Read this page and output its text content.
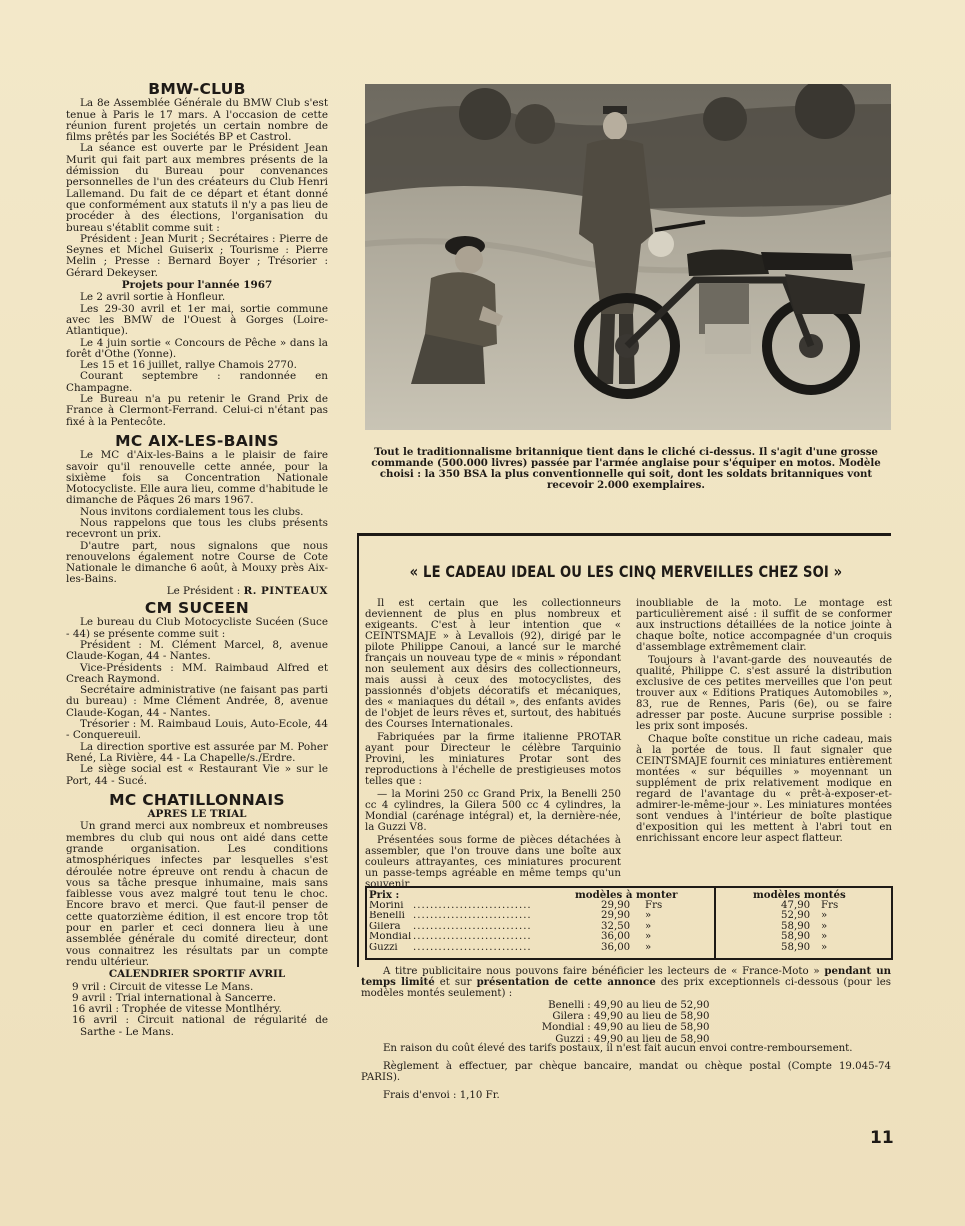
BMW-CLUB

La 8e Assemblée Générale du BMW Club s'est tenue à Paris le 17 mars. A l'occasion de cette réunion furent projetés un certain nombre de films prêtés par les Sociétés BP et Castrol.

La séance est ouverte par le Président Jean Murit qui fait part aux membres présents de la démission du Bureau pour convenances personnelles de l'un des créateurs du Club Henri Lallemand. Du fait de ce départ et étant donné que conformément aux statuts il n'y a pas lieu de procéder à des élections, l'organisation du bureau s'établit comme suit :

Président : Jean Murit ; Secrétaires : Pierre de Seynes et Michel Guiserix ; Tourisme : Pierre Melin ; Presse : Bernard Boyer ; Trésorier : Gérard Dekeyser.

Projets pour l'année 1967

Le 2 avril sortie à Honfleur.

Les 29-30 avril et 1er mai, sortie commune avec les BMW de l'Ouest à Gorges (Loire-Atlantique).

Le 4 juin sortie « Concours de Pêche » dans la forêt d'Othe (Yonne).

Les 15 et 16 juillet, rallye Chamois 2770.

Courant septembre : randonnée en Champagne.

Le Bureau n'a pu retenir le Grand Prix de France à Clermont-Ferrand. Celui-ci n'étant pas fixé à la Pentecôte.

MC AIX-LES-BAINS

Le MC d'Aix-les-Bains a le plaisir de faire savoir qu'il renouvelle cette année, pour la sixième fois sa Concentration Nationale Motocycliste. Elle aura lieu, comme d'habitude le dimanche de Pâques 26 mars 1967.

Nous invitons cordialement tous les clubs.

Nous rappelons que tous les clubs présents recevront un prix.

D'autre part, nous signalons que nous renouvelons également notre Course de Cote Nationale le dimanche 6 août, à Mouxy près Aix-les-Bains.

Le Président : R. PINTEAUX

CM SUCEEN

Le bureau du Club Motocycliste Sucéen (Suce - 44) se présente comme suit :

Président : M. Clément Marcel, 8, avenue Claude-Kogan, 44 - Nantes.

Vice-Présidents : MM. Raimbaud Alfred et Creach Raymond.

Secrétaire administrative (ne faisant pas parti du bureau) : Mme Clément Andrée, 8, avenue Claude-Kogan, 44 - Nantes.

Trésorier : M. Raimbaud Louis, Auto-Ecole, 44 - Conquereuil.

La direction sportive est assurée par M. Poher René, La Rivière, 44 - La Chapelle/s./Erdre.

Le siège social est « Restaurant Vie » sur le Port, 44 - Sucé.

MC CHATILLONNAIS
APRES LE TRIAL

Un grand merci aux nombreux et nombreuses membres du club qui nous ont aidé dans cette grande organisation. Les conditions atmosphériques infectes par lesquelles s'est déroulée notre épreuve ont rendu à chacun de vous sa tâche presque inhumaine, mais sans faiblesse vous avez malgré tout tenu le choc. Encore bravo et merci. Que faut-il penser de cette quatorzième édition, il est encore trop tôt pour en parler et ceci donnera lieu à une assemblée générale du comité directeur, dont vous connaitrez les résultats par un compte rendu ultérieur.

CALENDRIER SPORTIF AVRIL

9 vril : Circuit de vitesse Le Mans.

9 avril : Trial international à Sancerre.

16 avril : Trophée de vitesse Montlhéry.

16 avril : Circuit national de régularité de Sarthe - Le Mans.

Tout le traditionnalisme britannique tient dans le cliché ci-dessus. Il s'agit d'une grosse commande (500.000 livres) passée par l'armée anglaise pour s'équiper en motos. Modèle choisi : la 350 BSA la plus conventionnelle qui soit, dont les soldats britanniques vont recevoir 2.000 exemplaires.
« LE CADEAU IDEAL OU LES CINQ MERVEILLES CHEZ SOI »

Il est certain que les collectionneurs deviennent de plus en plus nombreux et exigeants. C'est à leur intention que « CEINTSMAJE » à Levallois (92), dirigé par le pilote Philippe Canoui, a lancé sur le marché français un nouveau type de « minis » répondant non seulement aux désirs des collectionneurs, mais aussi à ceux des motocyclistes, des passionnés d'objets décoratifs et mécaniques, des « maniaques du détail », des enfants avides de l'objet de leurs rêves et, surtout, des habitués des Courses Internationales.

Fabriquées par la firme italienne PROTAR ayant pour Directeur le célèbre Tarquinio Provini, les miniatures Protar sont des reproductions à l'échelle de prestigieuses motos telles que :

— la Morini 250 cc Grand Prix, la Benelli 250 cc 4 cylindres, la Gilera 500 cc 4 cylindres, la Mondial (carénage intégral) et, la dernière-née, la Guzzi V8.

Présentées sous forme de pièces détachées à assembler, que l'on trouve dans une boîte aux couleurs attrayantes, ces miniatures procurent un passe-temps agréable en même temps qu'un souvenir

inoubliable de la moto. Le montage est particulièrement aisé : il suffit de se conformer aux instructions détaillées de la notice jointe à chaque boîte, notice accompagnée d'un croquis d'assemblage extrêmement clair.

Toujours à l'avant-garde des nouveautés de qualité, Philippe C. s'est assuré la distribution exclusive de ces petites merveilles que l'on peut trouver aux « Editions Pratiques Automobiles », 83, rue de Rennes, Paris (6e), ou se faire adresser par poste. Aucune surprise possible : les prix sont imposés.

Chaque boîte constitue un riche cadeau, mais à la portée de tous. Il faut signaler que CEINTSMAJE fournit ces miniatures entièrement montées « sur béquilles » moyennant un supplément de prix relativement modique en regard de l'avantage du « prêt-à-exposer-et-admirer-le-même-jour ». Les miniatures montées sont vendues à l'intérieur de boîte plastique d'exposition qui les mettent à l'abri tout en enrichissant encore leur aspect flatteur.

Prix :	modèles à monter	modèles montés
Morini ............................	29,90 Frs	47,90 Frs
Benelli ............................	29,90 »	52,90 »
Gilera	............................	32,50 »	58,90 »
Mondial ............................	36,00 »	58,90 »
Guzzi	............................	36,00 »	58,90 »

A titre publicitaire nous pouvons faire bénéficier les lecteurs de « France-Moto » pendant un temps limité et sur présentation de cette annonce des prix exceptionnels ci-dessous (pour les modèles montés seulement) :

Benelli : 49,90 au lieu de 52,90
Gilera : 49,90 au lieu de 58,90
Mondial : 49,90 au lieu de 58,90
Guzzi : 49,90 au lieu de 58,90

En raison du coût élevé des tarifs postaux, il n'est fait aucun envoi contre-remboursement.

Règlement à effectuer, par chèque bancaire, mandat ou chèque postal (Compte 19.045-74 PARIS).

Frais d'envoi : 1,10 Fr.

11
